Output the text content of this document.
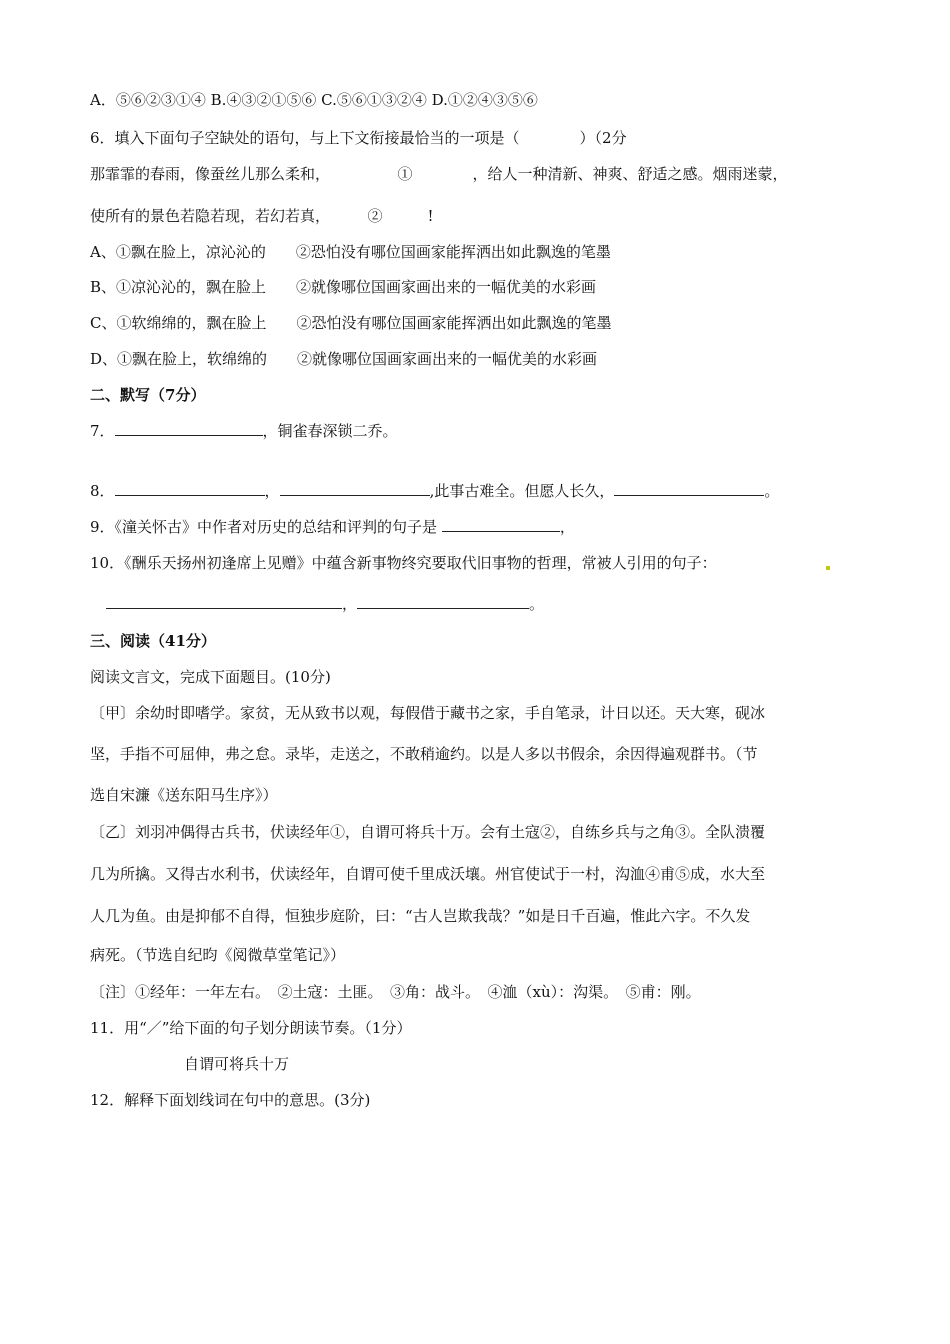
A．⑤⑥②③①④ B.④③②①⑤⑥ C.⑤⑥①③②④ D.①②④③⑤⑥
6．填入下面句子空缺处的语句，与上下文衔接最恰当的一项是（　　　　）（2分
那霏霏的春雨，像蚕丝儿那么柔和，　　　　　①　　　　，给人一种清新、神爽、舒适之感。烟雨迷蒙，
使所有的景色若隐若现，若幻若真，　　　②　　　!
A、①飘在脸上，凉沁沁的　　②恐怕没有哪位国画家能挥洒出如此飘逸的笔墨
B、①凉沁沁的，飘在脸上　　②就像哪位国画家画出来的一幅优美的水彩画
C、①软绵绵的，飘在脸上　　②恐怕没有哪位国画家能挥洒出如此飘逸的笔墨
D、①飘在脸上，软绵绵的　　②就像哪位国画家画出来的一幅优美的水彩画
二、默写（7分）
7．	，铜雀春深锁二乔。
8．	，	,此事古难全。但愿人长久，	。
9．《潼关怀古》中作者对历史的总结和评判的句子是	，
10．《酬乐天扬州初逢席上见赠》中蕴含新事物终究要取代旧事物的哲理，常被人引用的句子：
，	。
三、阅读（41分）
阅读文言文，完成下面题目。(10分)
〔甲〕余幼时即嗜学。家贫，无从致书以观，每假借于藏书之家，手自笔录，计日以还。天大寒，砚冰
坚，手指不可屈伸，弗之怠。录毕，走送之，不敢稍逾约。以是人多以书假余，余因得遍观群书。（节
选自宋濂《送东阳马生序》）
〔乙〕刘羽冲偶得古兵书，伏读经年①，自谓可将兵十万。会有土寇②，自练乡兵与之角③。全队溃覆
几为所擒。又得古水利书，伏读经年，自谓可使千里成沃壤。州官使试于一村，沟洫④甫⑤成，水大至
人几为鱼。由是抑郁不自得，恒独步庭阶，曰：“古人岂欺我哉？”如是日千百遍，惟此六字。不久发
病死。（节选自纪昀《阅微草堂笔记》）
〔注〕①经年：一年左右。　②土寇：土匪。　③角：战斗。　④洫（xù）：沟渠。　⑤甫：刚。
11．用“／”给下面的句子划分朗读节奏。（1分）
自谓可将兵十万
12．解释下面划线词在句中的意思。(3分)
